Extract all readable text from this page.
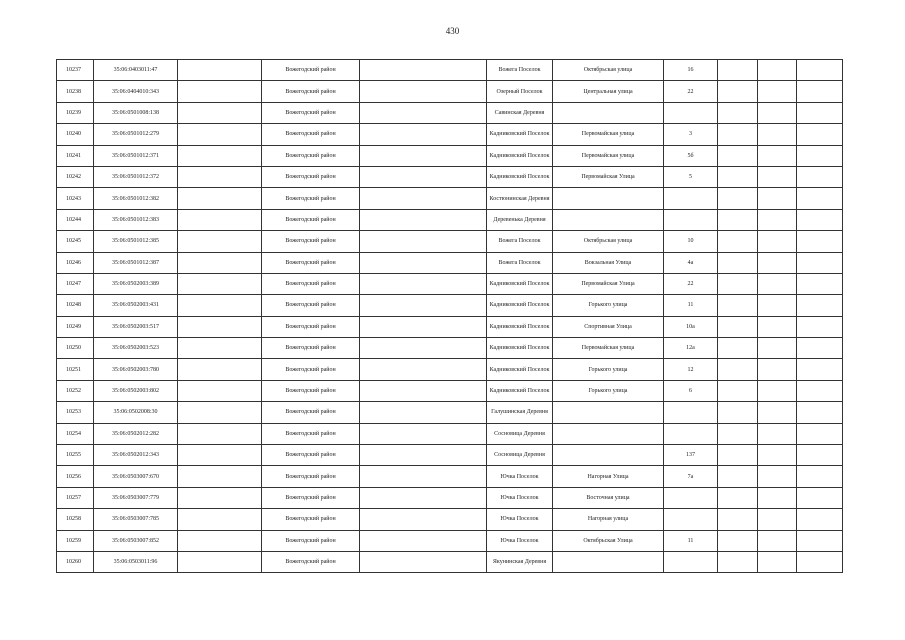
430
10237	35:06:0403011:47		Вожегодский район		Вожега Поселок	Октябрьская улица	16			
10238	35:06:0404010:343		Вожегодский район		Озерный Поселок	Центральная улица	22			
10239	35:06:0501008:138		Вожегодский район		Савинская Деревня					
10240	35:06:0501012:279		Вожегодский район		Кадниковский Поселок	Первомайская улица	3			
10241	35:06:0501012:371		Вожегодский район		Кадниковский Поселок	Первомайская улица	5б			
10242	35:06:0501012:372		Вожегодский район		Кадниковский Поселок	Первомайская Улица	5			
10243	35:06:0501012:382		Вожегодский район		Костюнинская Деревня					
10244	35:06:0501012:383		Вожегодский район		Деревенька Деревня					
10245	35:06:0501012:385		Вожегодский район		Вожега Поселок	Октябрьская улица	10			
10246	35:06:0501012:387		Вожегодский район		Вожега Поселок	Вокзальная Улица	4а			
10247	35:06:0502003:389		Вожегодский район		Кадниковский Поселок	Первомайская Улица	22			
10248	35:06:0502003:431		Вожегодский район		Кадниковский Поселок	Горького улица	11			
10249	35:06:0502003:517		Вожегодский район		Кадниковский Поселок	Спортивная Улица	10а			
10250	35:06:0502003:523		Вожегодский район		Кадниковский Поселок	Первомайская улица	12а			
10251	35:06:0502003:780		Вожегодский район		Кадниковский Поселок	Горького улица	12			
10252	35:06:0502003:802		Вожегодский район		Кадниковский Поселок	Горького улица	6			
10253	35:06:0502008:30		Вожегодский район		Галушинская Деревня					
10254	35:06:0502012:282		Вожегодский район		Сосновица Деревня					
10255	35:06:0502012:343		Вожегодский район		Сосновица Деревня		137			
10256	35:06:0503007:670		Вожегодский район		Ючка Поселок	Нагорная Улица	7а			
10257	35:06:0503007:779		Вожегодский район		Ючка Поселок	Восточная улица				
10258	35:06:0503007:785		Вожегодский район		Ючка Поселок	Нагорная улица				
10259	35:06:0503007:852		Вожегодский район		Ючка Поселок	Октябрьская Улица	11			
10260	35:06:0503011:96		Вожегодский район		Якунинская Деревня					
